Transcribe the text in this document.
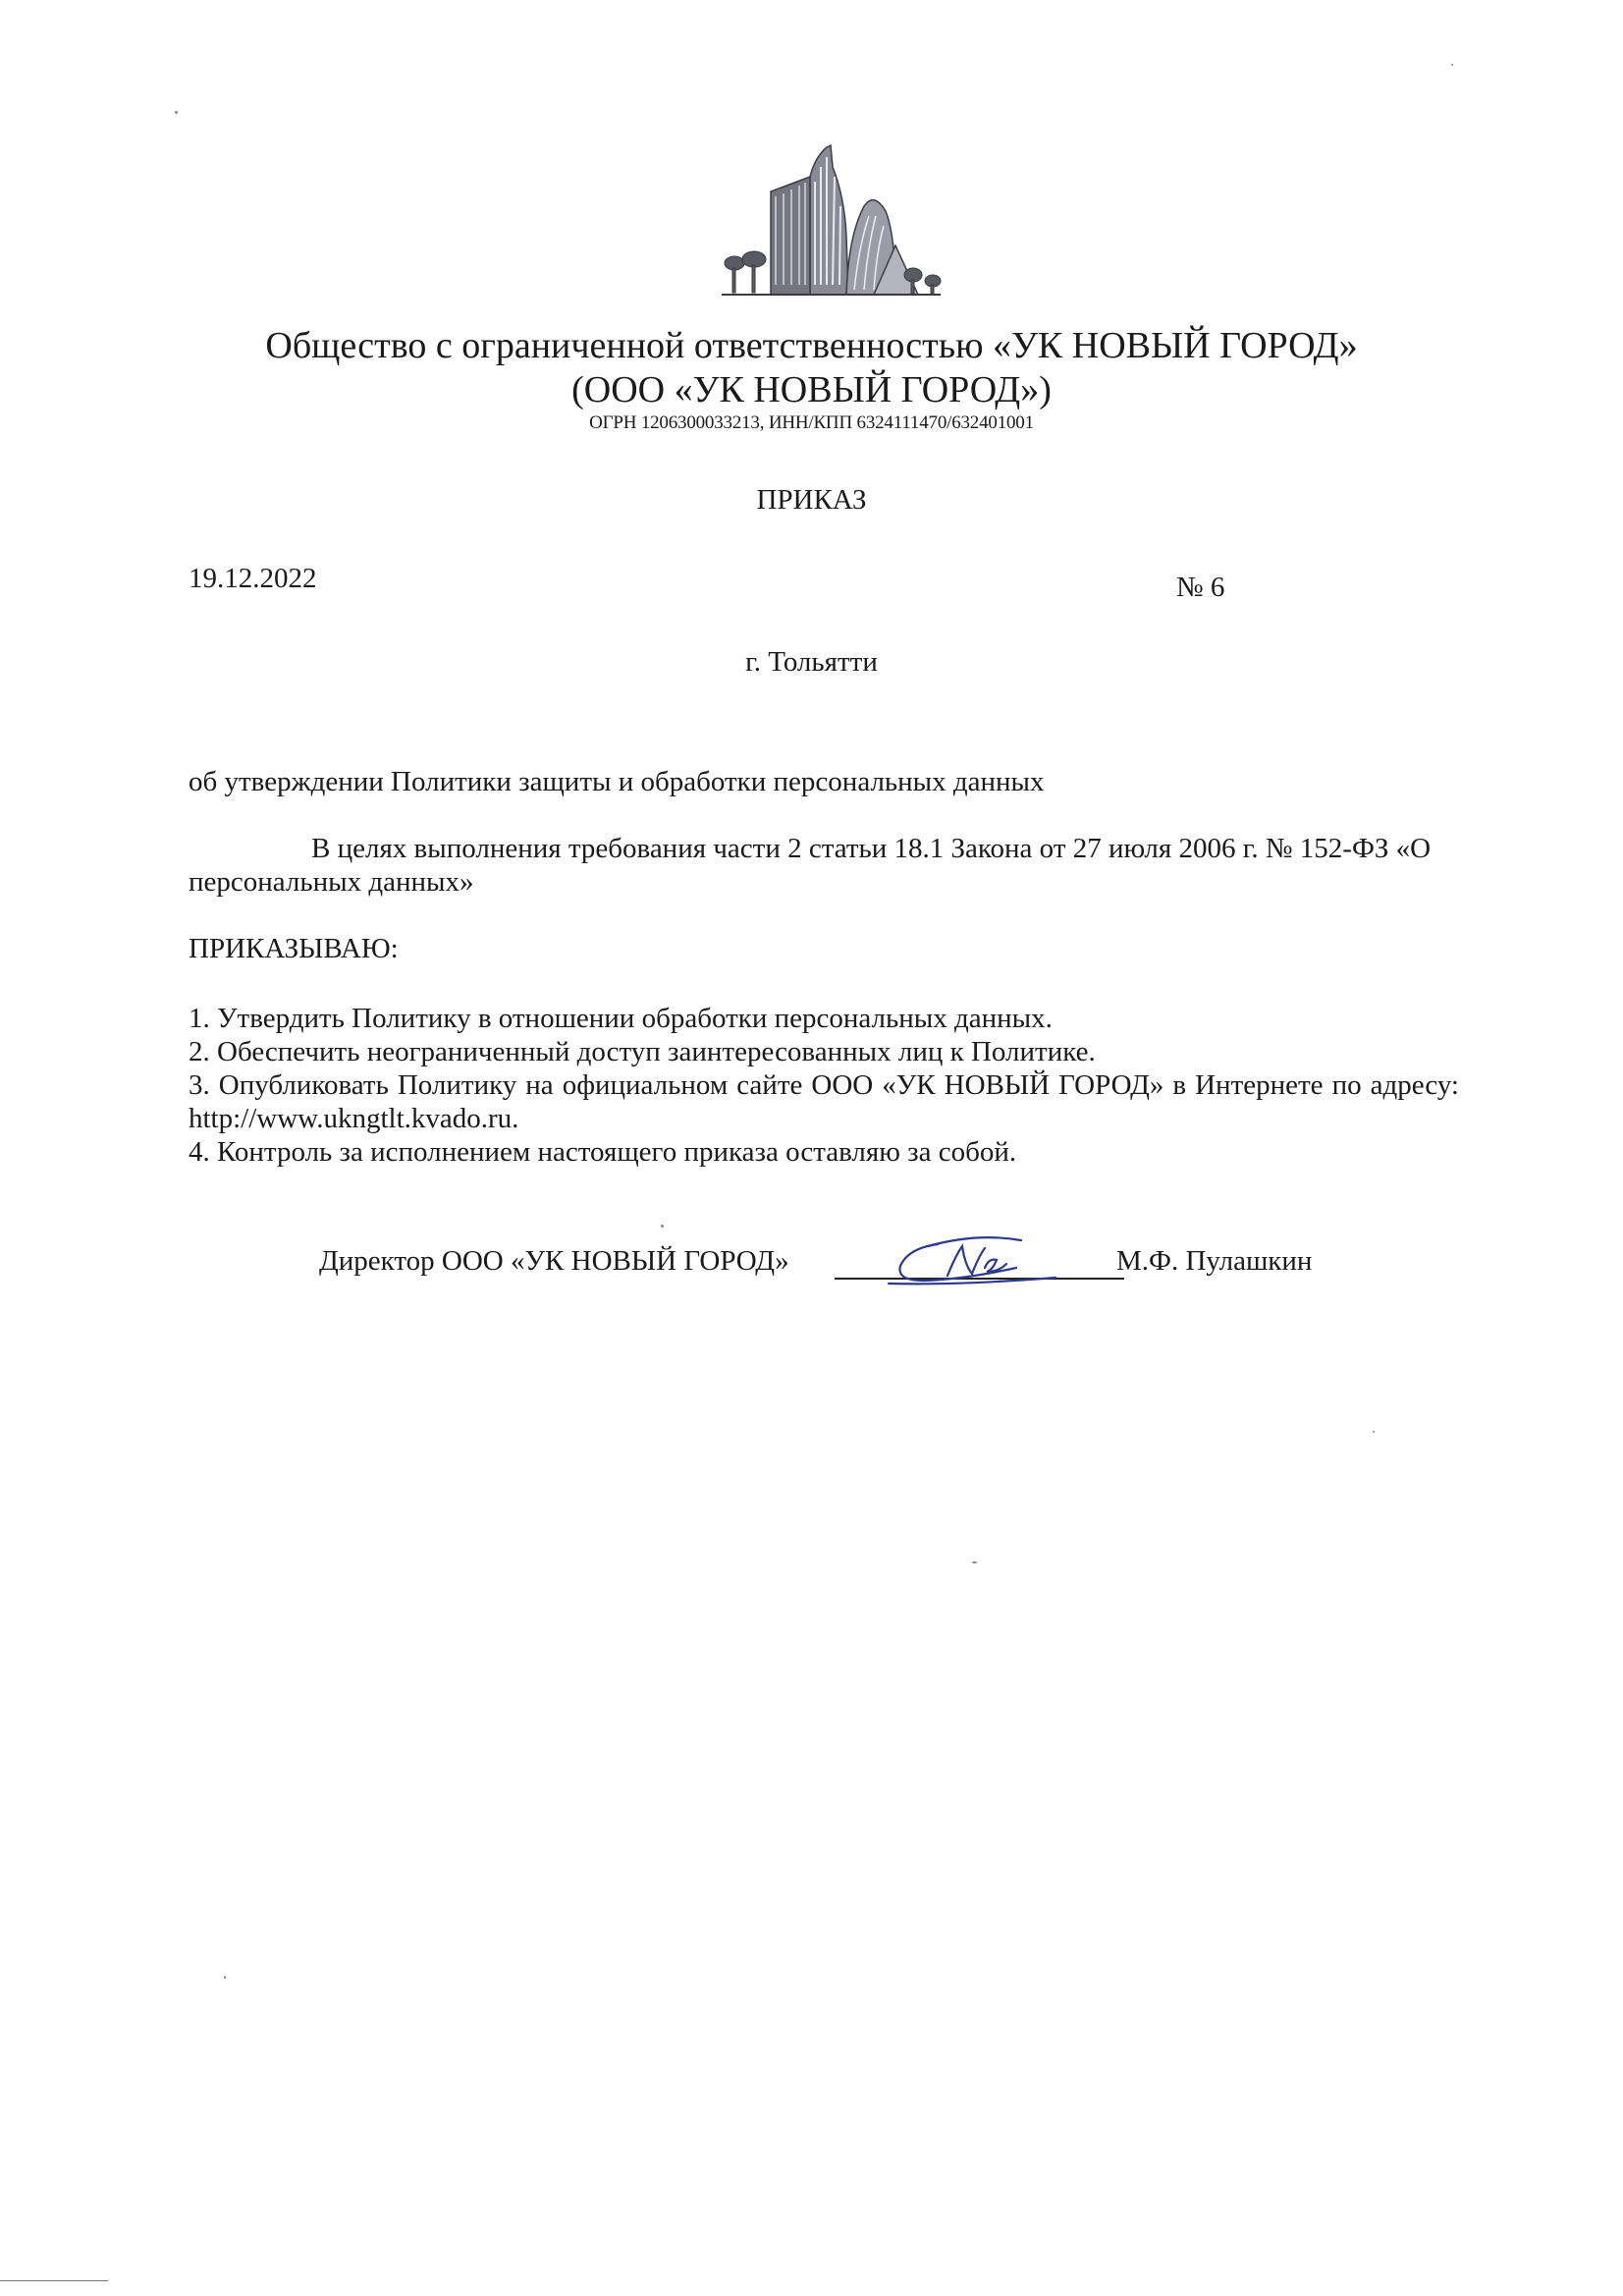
Общество с ограниченной ответственностью «УК НОВЫЙ ГОРОД»
(ООО «УК НОВЫЙ ГОРОД»)
ОГРН 1206300033213, ИНН/КПП 6324111470/632401001
ПРИКАЗ
19.12.2022	№ 6
г. Тольятти
об утверждении Политики защиты и обработки персональных данных
В целях выполнения требования части 2 статьи 18.1 Закона от 27 июля 2006 г. № 152-ФЗ «О персональных данных»
ПРИКАЗЫВАЮ:
1. Утвердить Политику в отношении обработки персональных данных.
2. Обеспечить неограниченный доступ заинтересованных лиц к Политике.
3. Опубликовать Политику на официальном сайте ООО «УК НОВЫЙ ГОРОД» в Интернете по адресу: http://www.ukngtlt.kvado.ru.
4. Контроль за исполнением настоящего приказа оставляю за собой.
Директор ООО «УК НОВЫЙ ГОРОД»	М.Ф. Пулашкин
